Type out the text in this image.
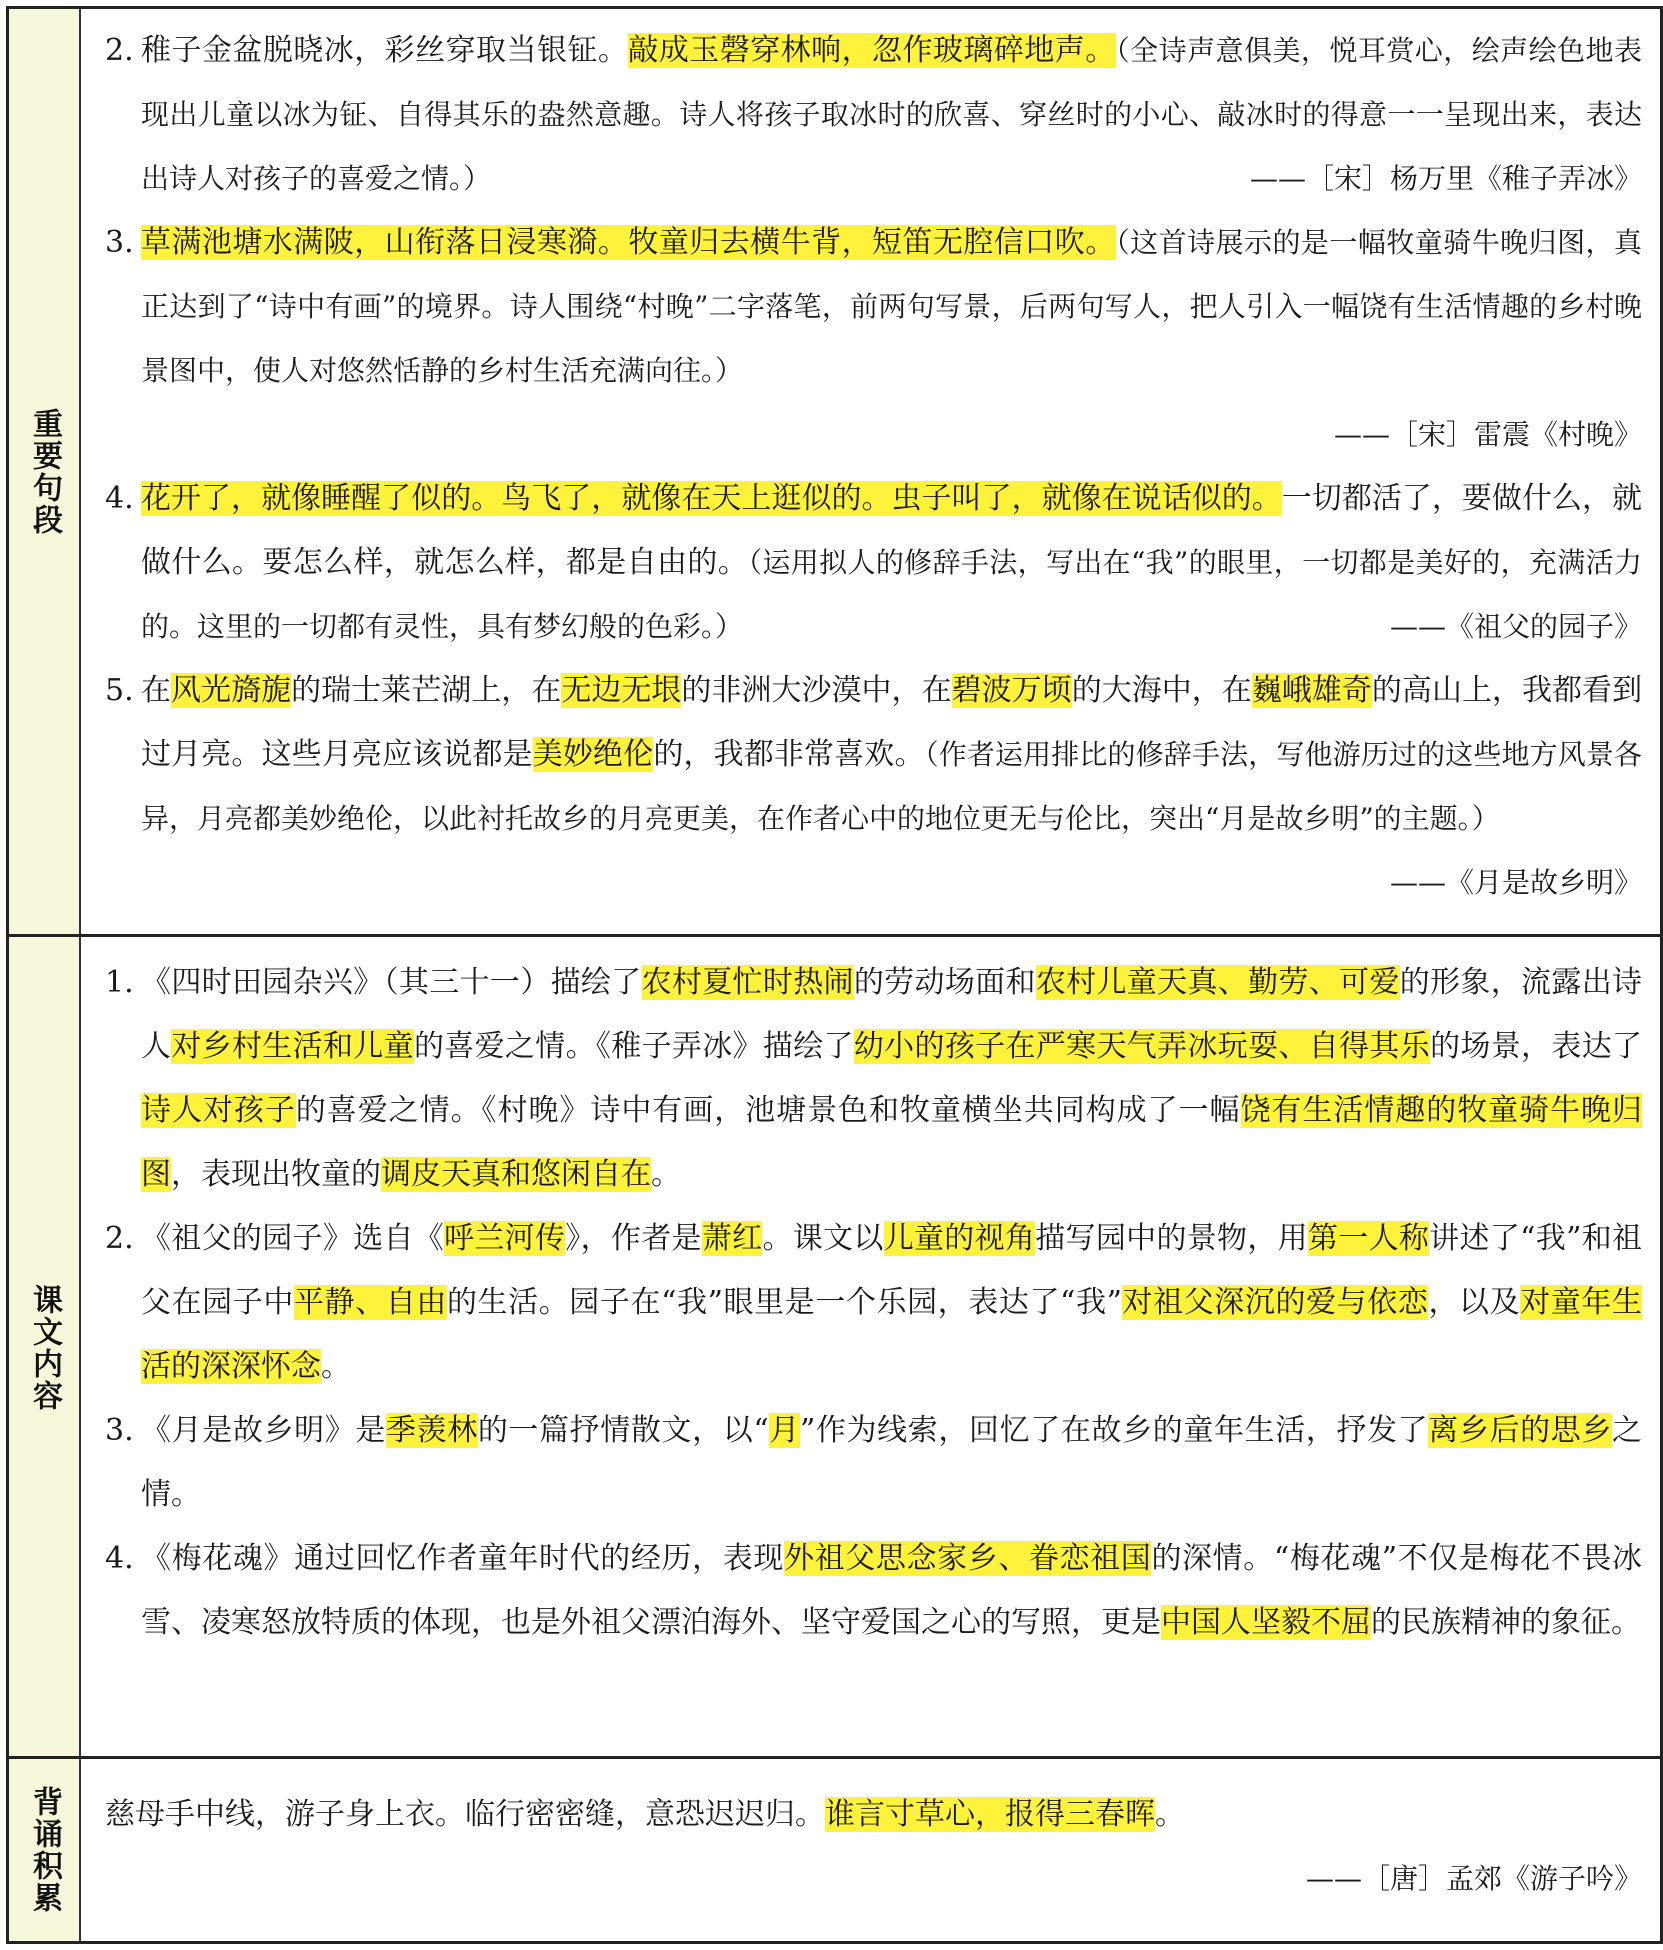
重要句段
2. 稚子金盆脱晓冰，彩丝穿取当银钲。敲成玉磬穿林响，忽作玻璃碎地声。（全诗声意俱美，悦耳赏心，绘声绘色地表现出儿童以冰为钲、自得其乐的盎然意趣。诗人将孩子取冰时的欣喜、穿丝时的小心、敲冰时的得意一一呈现出来，表达出诗人对孩子的喜爱之情。）	——［宋］杨万里《稚子弄冰》
3. 草满池塘水满陂，山衔落日浸寒漪。牧童归去横牛背，短笛无腔信口吹。（这首诗展示的是一幅牧童骑牛晚归图，真正达到了“诗中有画”的境界。诗人围绕“村晚”二字落笔，前两句写景，后两句写人，把人引入一幅饶有生活情趣的乡村晚景图中，使人对悠然恬静的乡村生活充满向往。）
——［宋］雷震《村晚》
4. 花开了，就像睡醒了似的。鸟飞了，就像在天上逛似的。虫子叫了，就像在说话似的。一切都活了，要做什么，就做什么。要怎么样，就怎么样，都是自由的。（运用拟人的修辞手法，写出在“我”的眼里，一切都是美好的，充满活力的。这里的一切都有灵性，具有梦幻般的色彩。）	——《祖父的园子》
5. 在风光旖旎的瑞士莱芒湖上，在无边无垠的非洲大沙漠中，在碧波万顷的大海中，在巍峨雄奇的高山上，我都看到过月亮。这些月亮应该说都是美妙绝伦的，我都非常喜欢。（作者运用排比的修辞手法，写他游历过的这些地方风景各异，月亮都美妙绝伦，以此衬托故乡的月亮更美，在作者心中的地位更无与伦比，突出“月是故乡明”的主题。）
——《月是故乡明》
课文内容
1. 《四时田园杂兴》（其三十一）描绘了农村夏忙时热闹的劳动场面和农村儿童天真、勤劳、可爱的形象，流露出诗人对乡村生活和儿童的喜爱之情。《稚子弄冰》描绘了幼小的孩子在严寒天气弄冰玩耍、自得其乐的场景，表达了诗人对孩子的喜爱之情。《村晚》诗中有画，池塘景色和牧童横坐共同构成了一幅饶有生活情趣的牧童骑牛晚归图，表现出牧童的调皮天真和悠闲自在。
2. 《祖父的园子》选自《呼兰河传》，作者是萧红。课文以儿童的视角描写园中的景物，用第一人称讲述了“我”和祖父在园子中平静、自由的生活。园子在“我”眼里是一个乐园，表达了“我”对祖父深沉的爱与依恋，以及对童年生活的深深怀念。
3. 《月是故乡明》是季羡林的一篇抒情散文，以“月”作为线索，回忆了在故乡的童年生活，抒发了离乡后的思乡之情。
4. 《梅花魂》通过回忆作者童年时代的经历，表现外祖父思念家乡、眷恋祖国的深情。“梅花魂”不仅是梅花不畏冰雪、凌寒怒放特质的体现，也是外祖父漂泊海外、坚守爱国之心的写照，更是中国人坚毅不屈的民族精神的象征。
背诵积累 慈母手中线，游子身上衣。临行密密缝，意恐迟迟归。谁言寸草心，报得三春晖。
——［唐］孟郊《游子吟》
